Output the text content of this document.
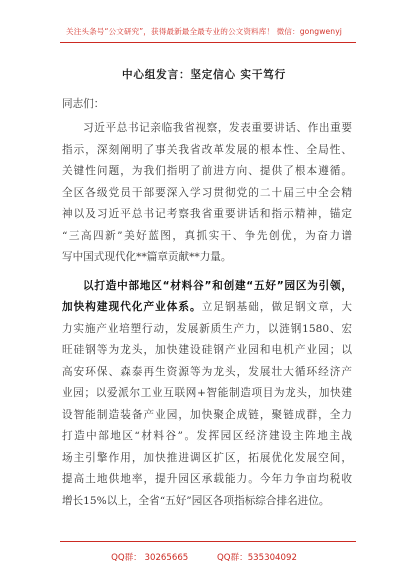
关注头条号“公文研究”，获得最新最全最专业的公文资料库！ 微信：gongwenyj
中心组发言：坚定信心 实干笃行
同志们：
习近平总书记亲临我省视察，发表重要讲话、作出重要
指示，深刻阐明了事关我省改革发展的根本性、全局性、
关键性问题，为我们指明了前进方向、提供了根本遵循。
全区各级党员干部要深入学习贯彻党的二十届三中全会精
神以及习近平总书记考察我省重要讲话和指示精神，锚定
“三高四新”美好蓝图，真抓实干、争先创优，为奋力谱
写中国式现代化**篇章贡献**力量。
以打造中部地区“材料谷”和创建“五好”园区为引领，
加快构建现代化产业体系。立足钢基础，做足钢文章，大
力实施产业培塑行动，发展新质生产力，以涟钢1580、宏
旺硅钢等为龙头，加快建设硅钢产业园和电机产业园；以
高安环保、森泰再生资源等为龙头，发展壮大循环经济产
业园；以爱派尔工业互联网+智能制造项目为龙头，加快建
设智能制造装备产业园，加快聚企成链，聚链成群，全力
打造中部地区“材料谷”。发挥园区经济建设主阵地主战
场主引擎作用，加快推进调区扩区，拓展优化发展空间，
提高土地供地率，提升园区承载能力。今年力争亩均税收
增长15%以上，全省“五好”园区各项指标综合排名进位。
QQ群： 30265665	QQ群：535304092
